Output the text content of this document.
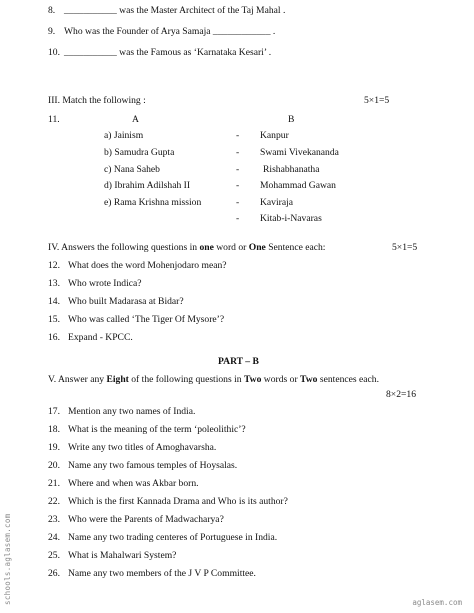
8. ___________ was the Master Architect of the Taj Mahal .
9. Who was the Founder of Arya Samaja ____________ .
10. ___________ was the Famous as ‘Karnataka Kesari’ .
III. Match the following :	5×1=5
11.	A	B
a) Jainism	- Kanpur
b) Samudra Gupta	- Swami Vivekananda
c) Nana Saheb	- Rishabhanatha
d) Ibrahim Adilshah II	- Mohammad Gawan
e) Rama Krishna mission	- Kaviraja
- Kitab-i-Navaras
IV. Answers the following questions in one word or One Sentence each:	5×1=5
12. What does the word Mohenjodaro mean?
13. Who wrote Indica?
14. Who built Madarasa at Bidar?
15. Who was called ‘The Tiger Of Mysore’?
16. Expand - KPCC.
PART – B
V. Answer any Eight of the following questions in Two words or Two sentences each.
8×2=16
17. Mention any two names of India.
18. What is the meaning of the term ‘poleolithic’?
19. Write any two titles of Amoghavarsha.
20. Name any two famous temples of Hoysalas.
21. Where and when was Akbar born.
22. Which is the first Kannada Drama and Who is its author?
23. Who were the Parents of Madwacharya?
24. Name any two trading centeres of Portuguese in India.
25. What is Mahalwari System?
26. Name any two members of the J V P Committee.
schools.aglasem.com	aglasem.com
